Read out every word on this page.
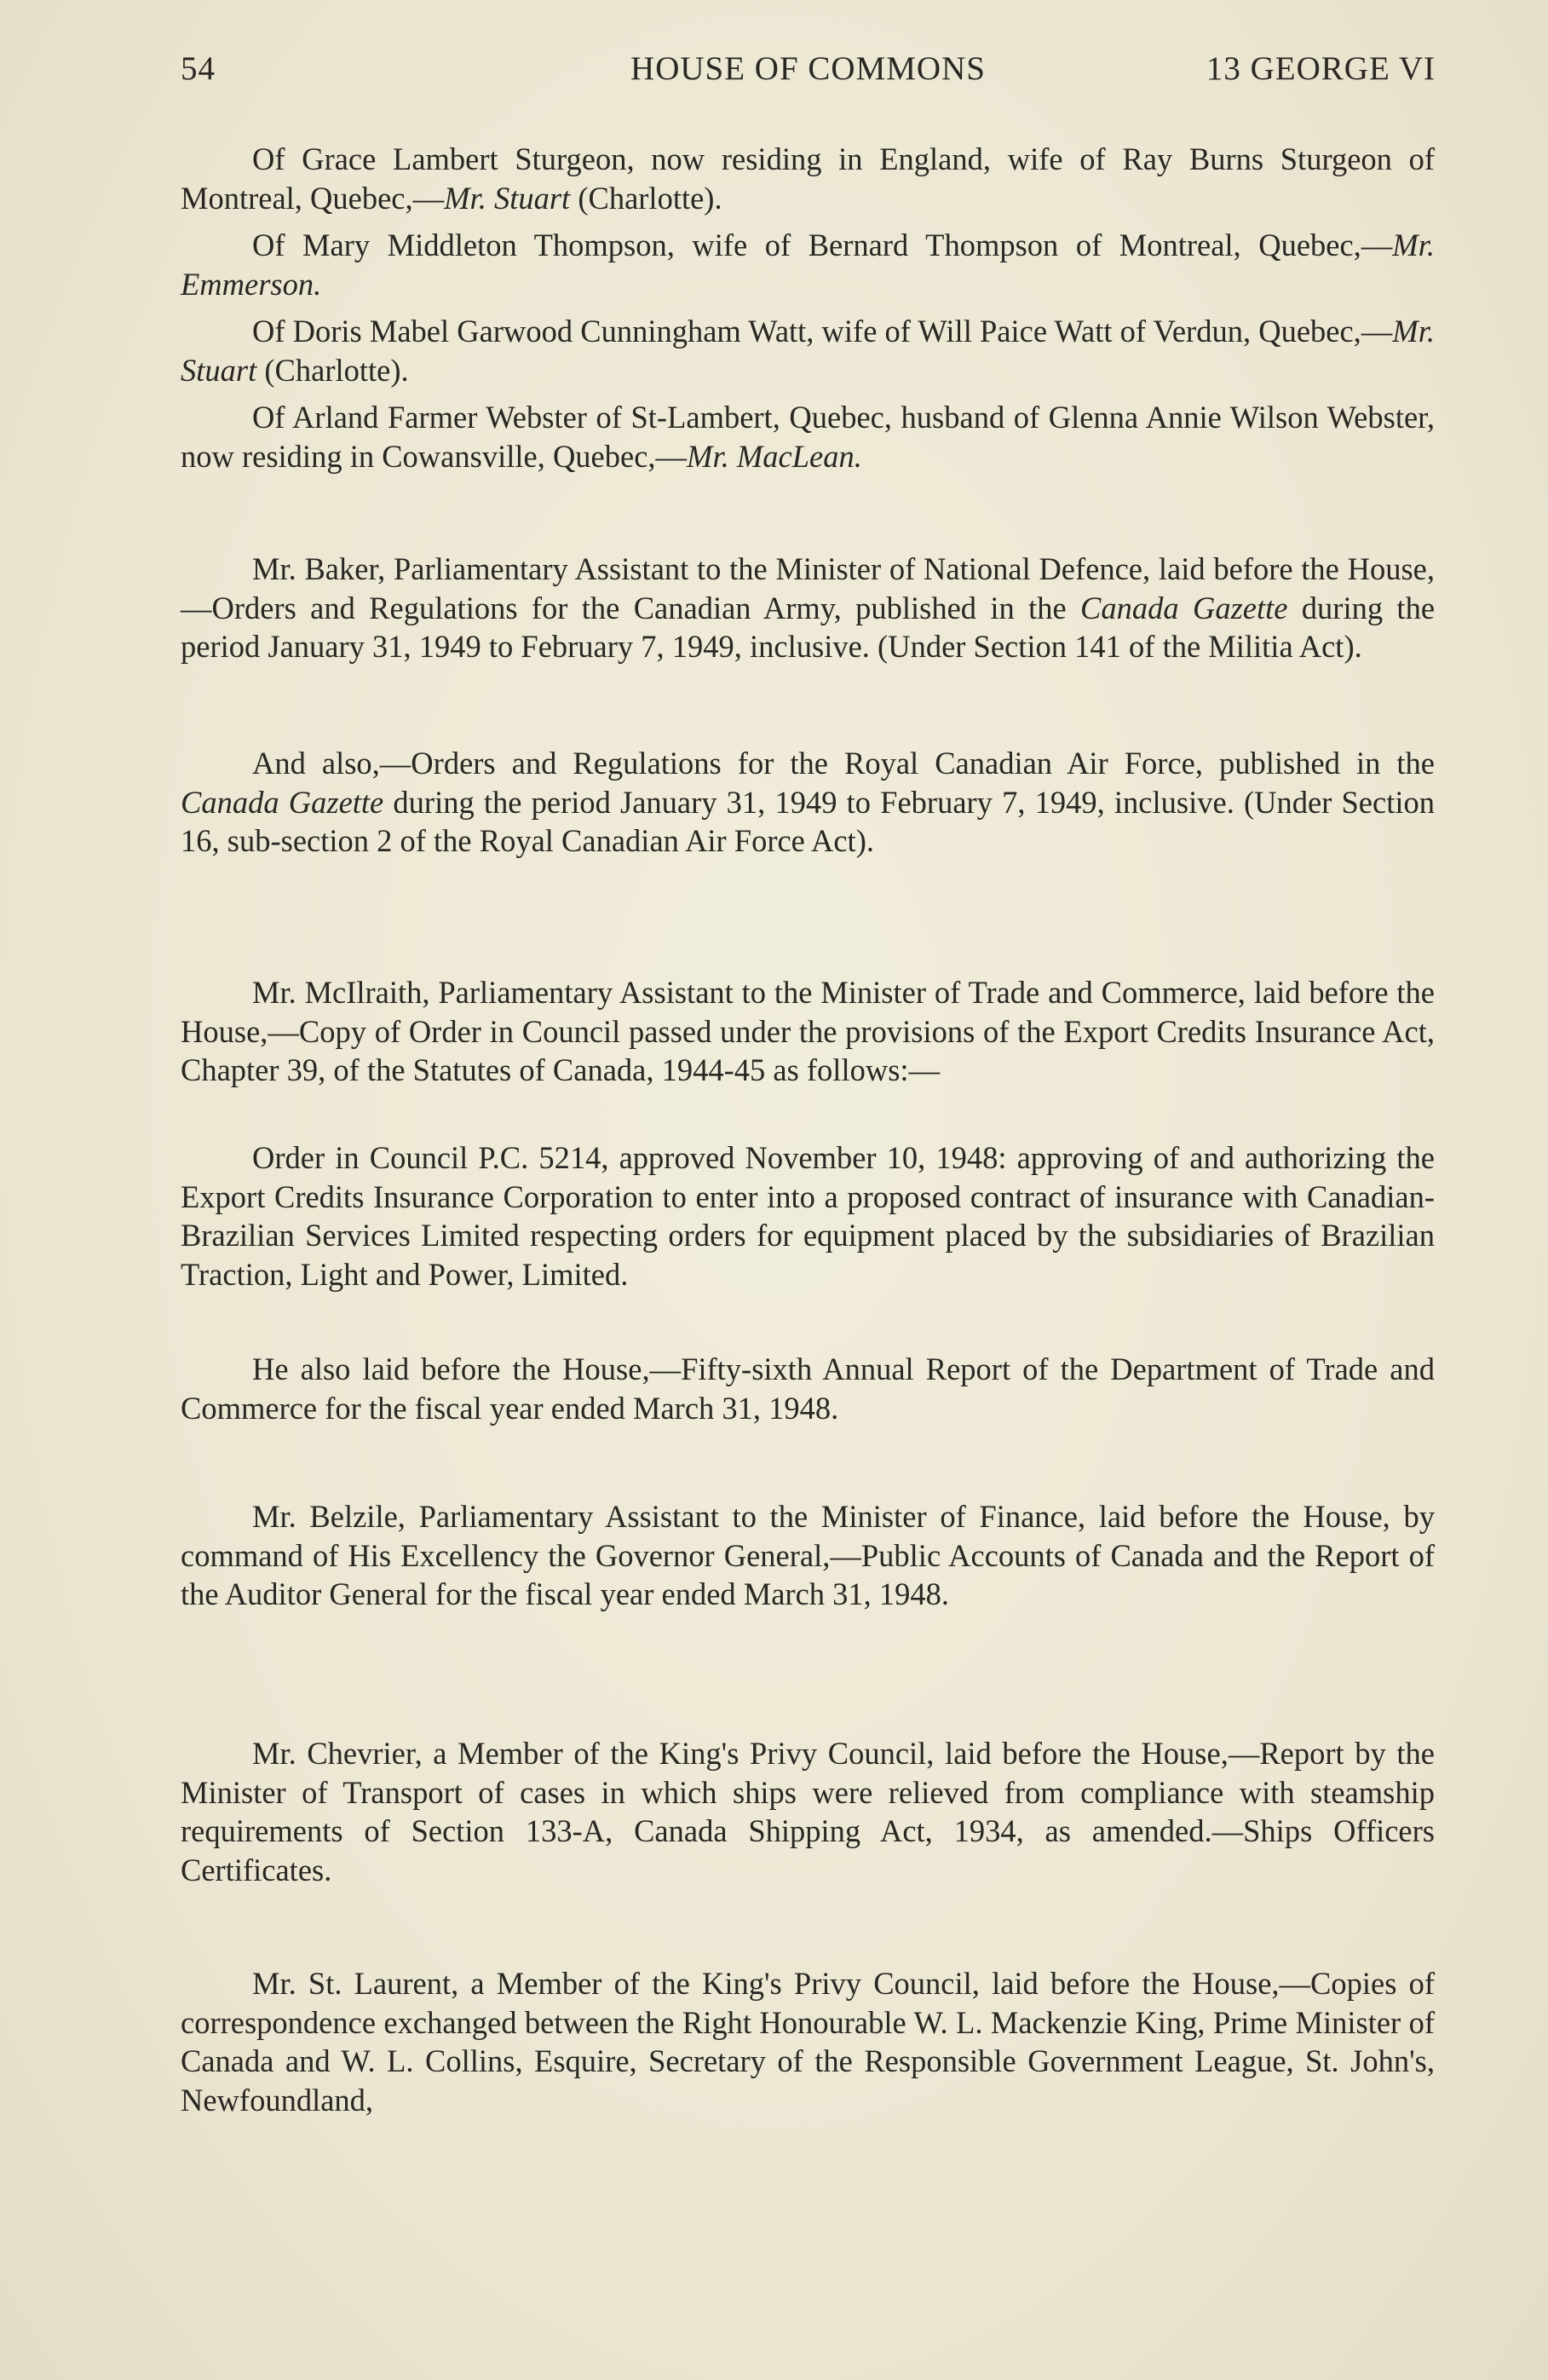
54	HOUSE OF COMMONS	13 GEORGE VI

Of Grace Lambert Sturgeon, now residing in England, wife of Ray Burns Sturgeon of Montreal, Quebec,—Mr. Stuart (Charlotte).

Of Mary Middleton Thompson, wife of Bernard Thompson of Montreal, Quebec,—Mr. Emmerson.

Of Doris Mabel Garwood Cunningham Watt, wife of Will Paice Watt of Verdun, Quebec,—Mr. Stuart (Charlotte).

Of Arland Farmer Webster of St-Lambert, Quebec, husband of Glenna Annie Wilson Webster, now residing in Cowansville, Quebec,—Mr. MacLean.

Mr. Baker, Parliamentary Assistant to the Minister of National Defence, laid before the House,—Orders and Regulations for the Canadian Army, published in the Canada Gazette during the period January 31, 1949 to February 7, 1949, inclusive. (Under Section 141 of the Militia Act).

And also,—Orders and Regulations for the Royal Canadian Air Force, published in the Canada Gazette during the period January 31, 1949 to February 7, 1949, inclusive. (Under Section 16, sub-section 2 of the Royal Canadian Air Force Act).

Mr. McIlraith, Parliamentary Assistant to the Minister of Trade and Commerce, laid before the House,—Copy of Order in Council passed under the provisions of the Export Credits Insurance Act, Chapter 39, of the Statutes of Canada, 1944-45 as follows:—

Order in Council P.C. 5214, approved November 10, 1948: approving of and authorizing the Export Credits Insurance Corporation to enter into a proposed contract of insurance with Canadian-Brazilian Services Limited respecting orders for equipment placed by the subsidiaries of Brazilian Traction, Light and Power, Limited.

He also laid before the House,—Fifty-sixth Annual Report of the Department of Trade and Commerce for the fiscal year ended March 31, 1948.

Mr. Belzile, Parliamentary Assistant to the Minister of Finance, laid before the House, by command of His Excellency the Governor General,—Public Accounts of Canada and the Report of the Auditor General for the fiscal year ended March 31, 1948.

Mr. Chevrier, a Member of the King's Privy Council, laid before the House,—Report by the Minister of Transport of cases in which ships were relieved from compliance with steamship requirements of Section 133-A, Canada Shipping Act, 1934, as amended.—Ships Officers Certificates.

Mr. St. Laurent, a Member of the King's Privy Council, laid before the House,—Copies of correspondence exchanged between the Right Honourable W. L. Mackenzie King, Prime Minister of Canada and W. L. Collins, Esquire, Secretary of the Responsible Government League, St. John's, Newfoundland,
